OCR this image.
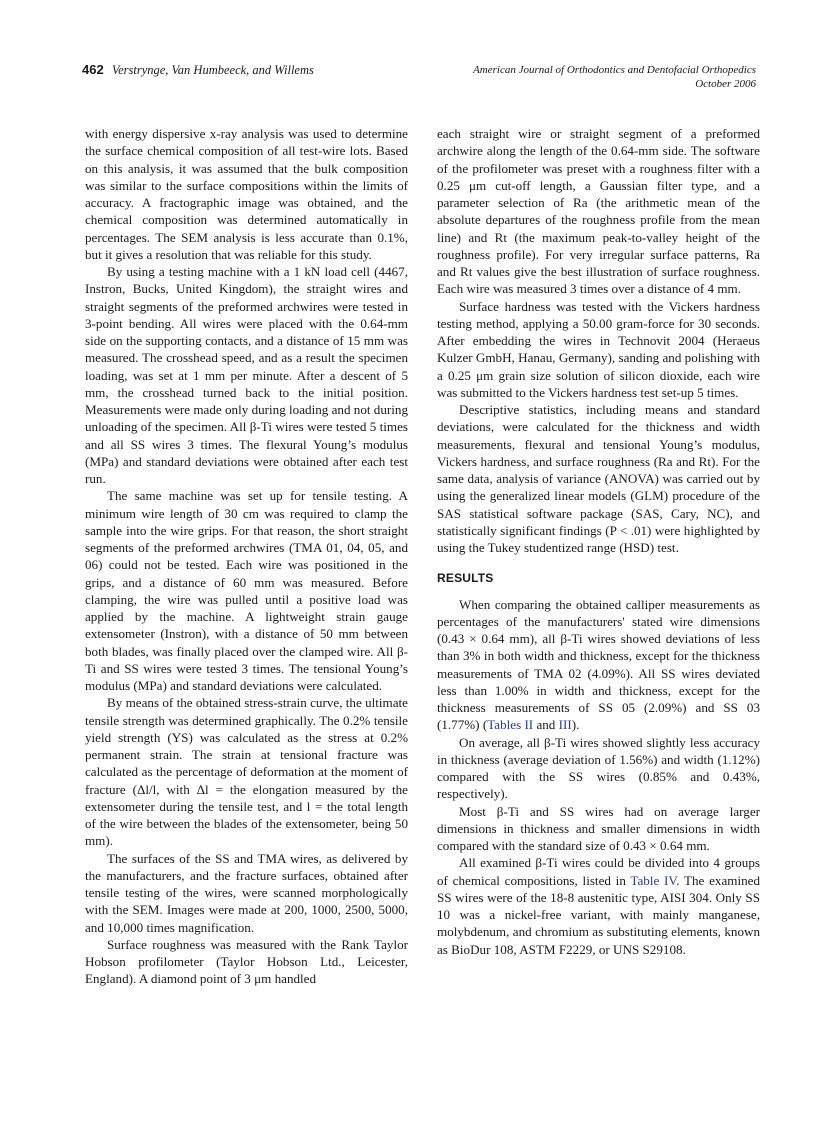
462 Verstrynge, Van Humbeeck, and Willems	American Journal of Orthodontics and Dentofacial Orthopedics
October 2006

with energy dispersive x-ray analysis was used to determine the surface chemical composition of all test-wire lots. Based on this analysis, it was assumed that the bulk composition was similar to the surface compositions within the limits of accuracy. A fractographic image was obtained, and the chemical composition was determined automatically in percentages. The SEM analysis is less accurate than 0.1%, but it gives a resolution that was reliable for this study.

By using a testing machine with a 1 kN load cell (4467, Instron, Bucks, United Kingdom), the straight wires and straight segments of the preformed archwires were tested in 3-point bending. All wires were placed with the 0.64-mm side on the supporting contacts, and a distance of 15 mm was measured. The crosshead speed, and as a result the specimen loading, was set at 1 mm per minute. After a descent of 5 mm, the crosshead turned back to the initial position. Measurements were made only during loading and not during unloading of the specimen. All β-Ti wires were tested 5 times and all SS wires 3 times. The flexural Young’s modulus (MPa) and standard deviations were obtained after each test run.

The same machine was set up for tensile testing. A minimum wire length of 30 cm was required to clamp the sample into the wire grips. For that reason, the short straight segments of the preformed archwires (TMA 01, 04, 05, and 06) could not be tested. Each wire was positioned in the grips, and a distance of 60 mm was measured. Before clamping, the wire was pulled until a positive load was applied by the machine. A lightweight strain gauge extensometer (Instron), with a distance of 50 mm between both blades, was finally placed over the clamped wire. All β-Ti and SS wires were tested 3 times. The tensional Young’s modulus (MPa) and standard deviations were calculated.

By means of the obtained stress-strain curve, the ultimate tensile strength was determined graphically. The 0.2% tensile yield strength (YS) was calculated as the stress at 0.2% permanent strain. The strain at tensional fracture was calculated as the percentage of deformation at the moment of fracture (Δl/l, with Δl = the elongation measured by the extensometer during the tensile test, and l = the total length of the wire between the blades of the extensometer, being 50 mm).

The surfaces of the SS and TMA wires, as delivered by the manufacturers, and the fracture surfaces, obtained after tensile testing of the wires, were scanned morphologically with the SEM. Images were made at 200, 1000, 2500, 5000, and 10,000 times magnification.

Surface roughness was measured with the Rank Taylor Hobson profilometer (Taylor Hobson Ltd., Leicester, England). A diamond point of 3 μm handled

each straight wire or straight segment of a preformed archwire along the length of the 0.64-mm side. The software of the profilometer was preset with a roughness filter with a 0.25 μm cut-off length, a Gaussian filter type, and a parameter selection of Ra (the arithmetic mean of the absolute departures of the roughness profile from the mean line) and Rt (the maximum peak-to-valley height of the roughness profile). For very irregular surface patterns, Ra and Rt values give the best illustration of surface roughness. Each wire was measured 3 times over a distance of 4 mm.

Surface hardness was tested with the Vickers hardness testing method, applying a 50.00 gram-force for 30 seconds. After embedding the wires in Technovit 2004 (Heraeus Kulzer GmbH, Hanau, Germany), sanding and polishing with a 0.25 μm grain size solution of silicon dioxide, each wire was submitted to the Vickers hardness test set-up 5 times.

Descriptive statistics, including means and standard deviations, were calculated for the thickness and width measurements, flexural and tensional Young’s modulus, Vickers hardness, and surface roughness (Ra and Rt). For the same data, analysis of variance (ANOVA) was carried out by using the generalized linear models (GLM) procedure of the SAS statistical software package (SAS, Cary, NC), and statistically significant findings (P < .01) were highlighted by using the Tukey studentized range (HSD) test.

RESULTS

When comparing the obtained calliper measurements as percentages of the manufacturers' stated wire dimensions (0.43 × 0.64 mm), all β-Ti wires showed deviations of less than 3% in both width and thickness, except for the thickness measurements of TMA 02 (4.09%). All SS wires deviated less than 1.00% in width and thickness, except for the thickness measurements of SS 05 (2.09%) and SS 03 (1.77%) (Tables II and III).

On average, all β-Ti wires showed slightly less accuracy in thickness (average deviation of 1.56%) and width (1.12%) compared with the SS wires (0.85% and 0.43%, respectively).

Most β-Ti and SS wires had on average larger dimensions in thickness and smaller dimensions in width compared with the standard size of 0.43 × 0.64 mm.

All examined β-Ti wires could be divided into 4 groups of chemical compositions, listed in Table IV. The examined SS wires were of the 18-8 austenitic type, AISI 304. Only SS 10 was a nickel-free variant, with mainly manganese, molybdenum, and chromium as substituting elements, known as BioDur 108, ASTM F2229, or UNS S29108.
